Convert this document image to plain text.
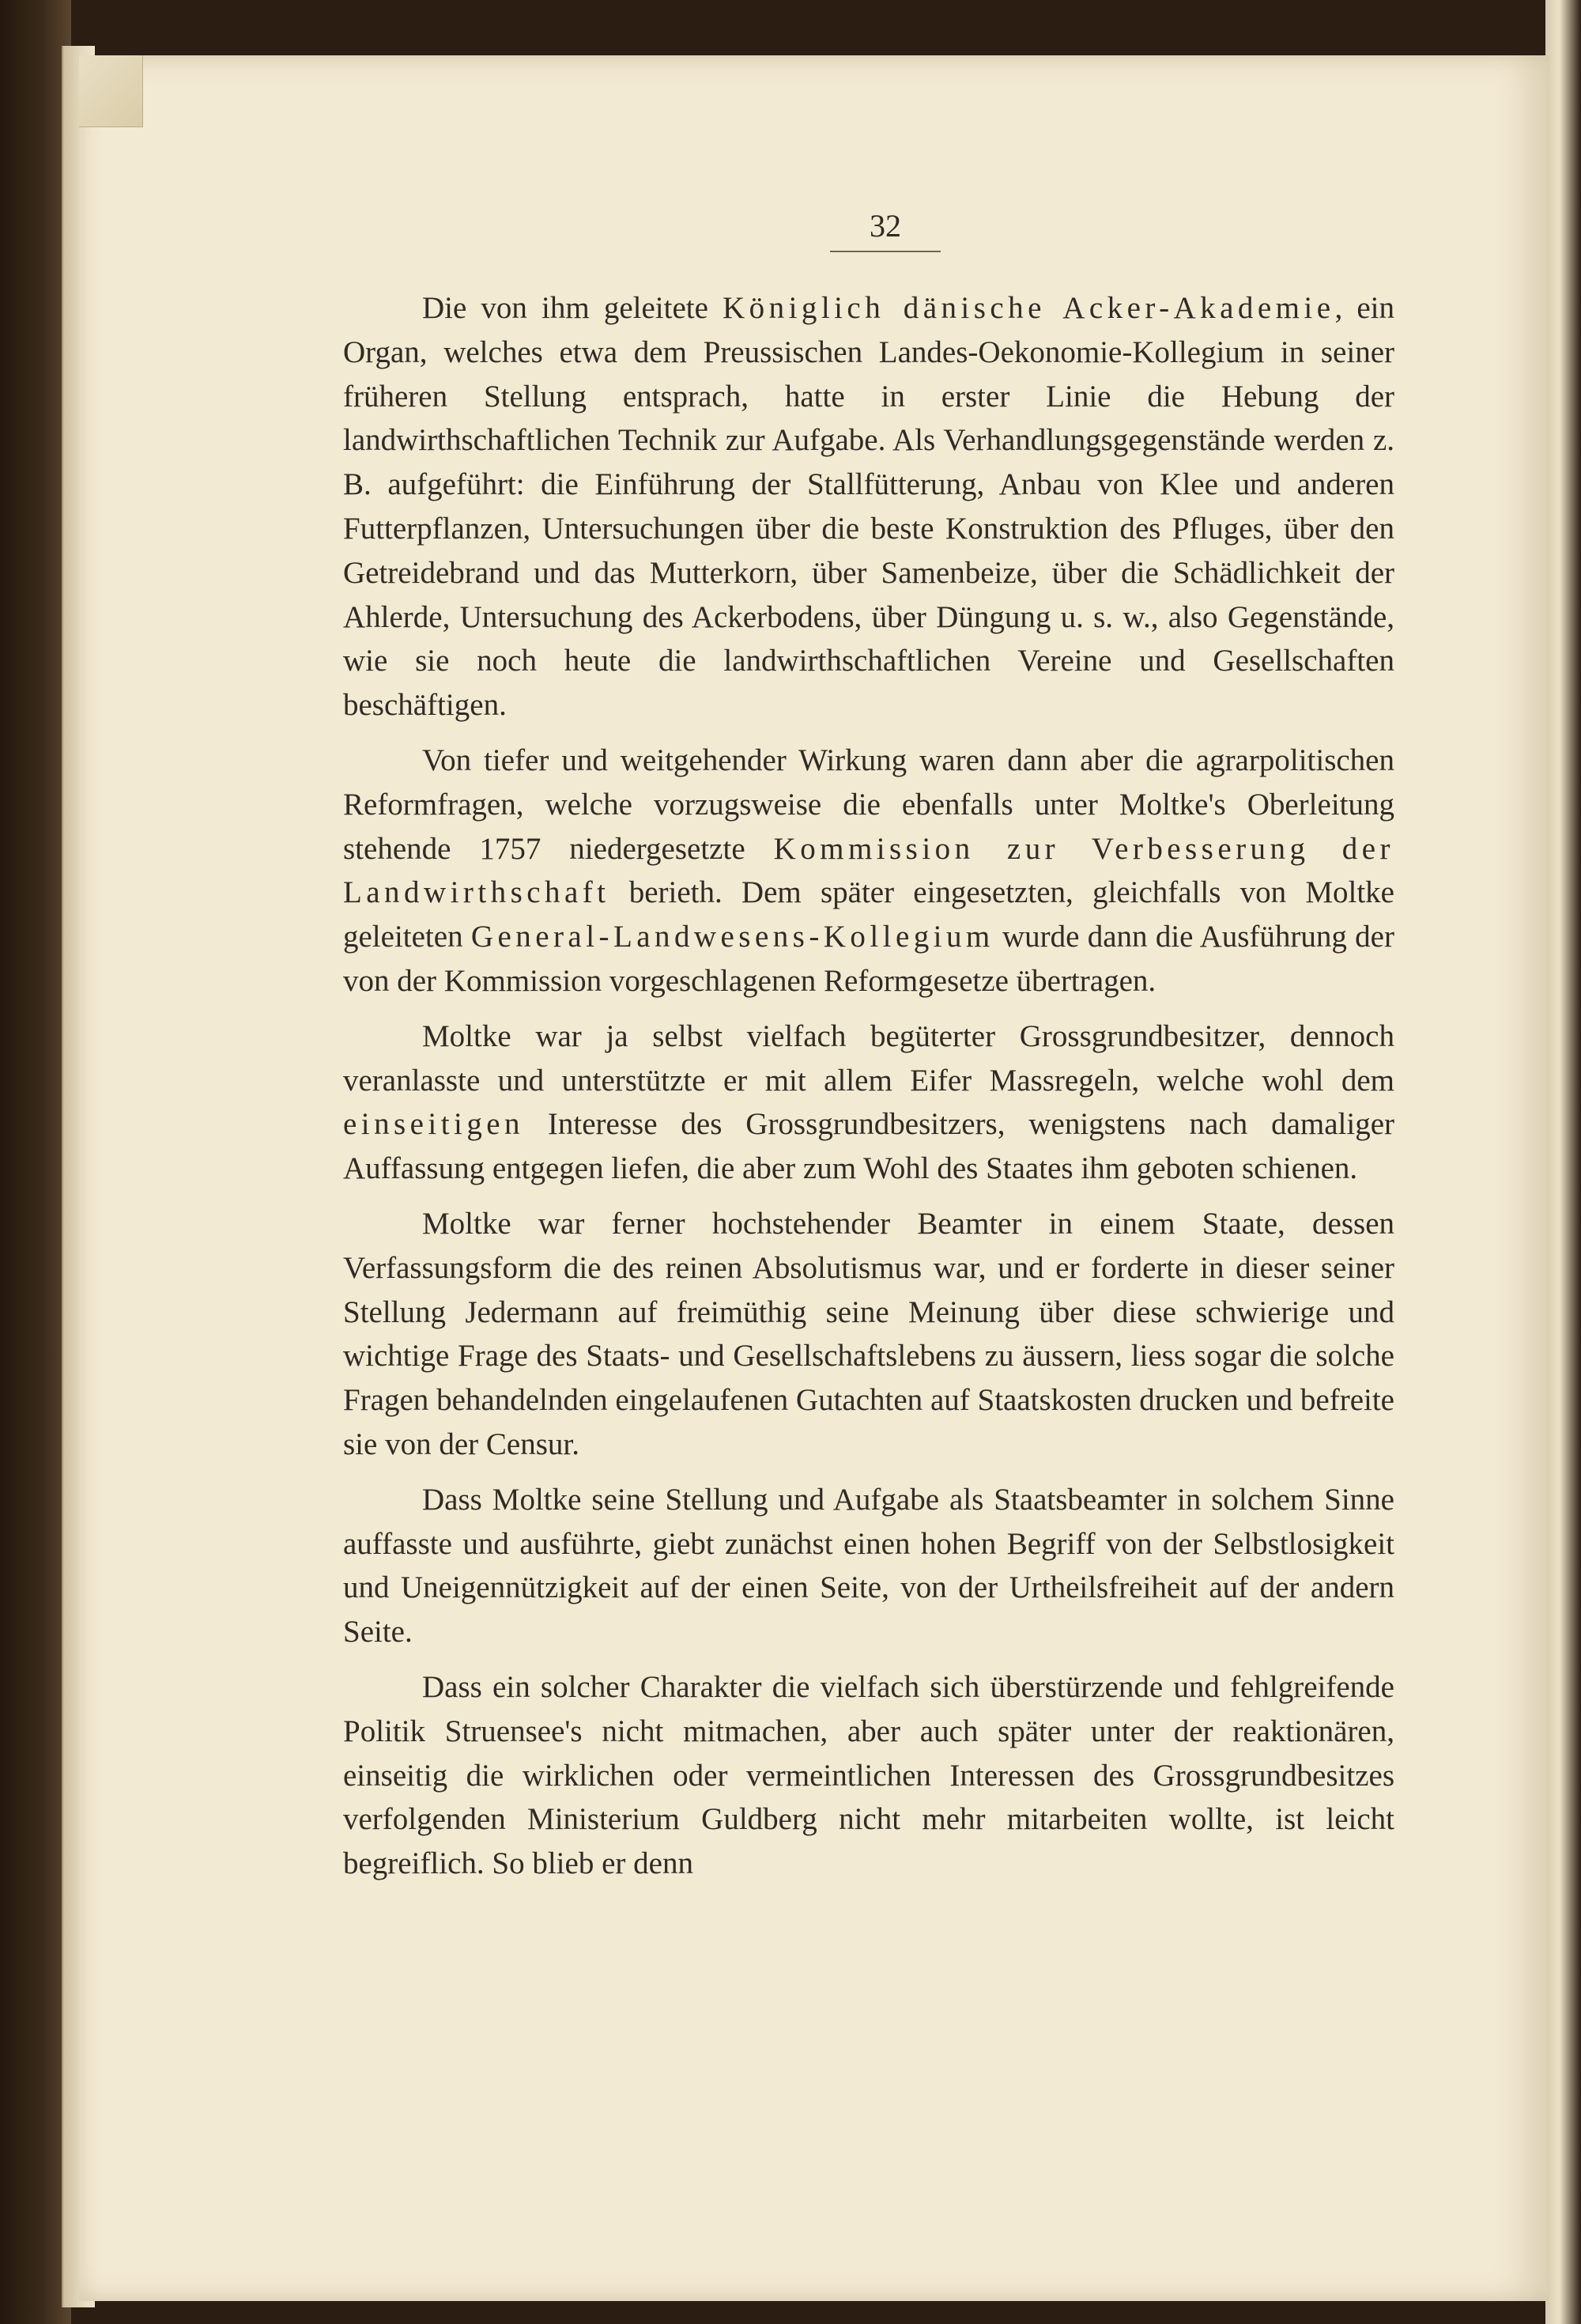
32

Die von ihm geleitete Königlich dänische Acker-Akademie, ein Organ, welches etwa dem Preussischen Landes-Oekonomie-Kollegium in seiner früheren Stellung entsprach, hatte in erster Linie die Hebung der landwirthschaftlichen Technik zur Aufgabe. Als Verhandlungsgegenstände werden z. B. aufgeführt: die Einführung der Stallfütterung, Anbau von Klee und anderen Futterpflanzen, Untersuchungen über die beste Konstruktion des Pfluges, über den Getreidebrand und das Mutterkorn, über Samenbeize, über die Schädlichkeit der Ahlerde, Untersuchung des Ackerbodens, über Düngung u. s. w., also Gegenstände, wie sie noch heute die landwirthschaftlichen Vereine und Gesellschaften beschäftigen.

Von tiefer und weitgehender Wirkung waren dann aber die agrarpolitischen Reformfragen, welche vorzugsweise die ebenfalls unter Moltke's Oberleitung stehende 1757 niedergesetzte Kommission zur Verbesserung der Landwirthschaft berieth. Dem später eingesetzten, gleichfalls von Moltke geleiteten General-Landwesens-Kollegium wurde dann die Ausführung der von der Kommission vorgeschlagenen Reformgesetze übertragen.

Moltke war ja selbst vielfach begüterter Grossgrundbesitzer, dennoch veranlasste und unterstützte er mit allem Eifer Massregeln, welche wohl dem einseitigen Interesse des Grossgrundbesitzers, wenigstens nach damaliger Auffassung entgegen liefen, die aber zum Wohl des Staates ihm geboten schienen.

Moltke war ferner hochstehender Beamter in einem Staate, dessen Verfassungsform die des reinen Absolutismus war, und er forderte in dieser seiner Stellung Jedermann auf freimüthig seine Meinung über diese schwierige und wichtige Frage des Staats- und Gesellschaftslebens zu äussern, liess sogar die solche Fragen behandelnden eingelaufenen Gutachten auf Staatskosten drucken und befreite sie von der Censur.

Dass Moltke seine Stellung und Aufgabe als Staatsbeamter in solchem Sinne auffasste und ausführte, giebt zunächst einen hohen Begriff von der Selbstlosigkeit und Uneigennützigkeit auf der einen Seite, von der Urtheilsfreiheit auf der andern Seite.

Dass ein solcher Charakter die vielfach sich überstürzende und fehlgreifende Politik Struensee's nicht mitmachen, aber auch später unter der reaktionären, einseitig die wirklichen oder vermeintlichen Interessen des Grossgrundbesitzes verfolgenden Ministerium Guldberg nicht mehr mitarbeiten wollte, ist leicht begreiflich. So blieb er denn
